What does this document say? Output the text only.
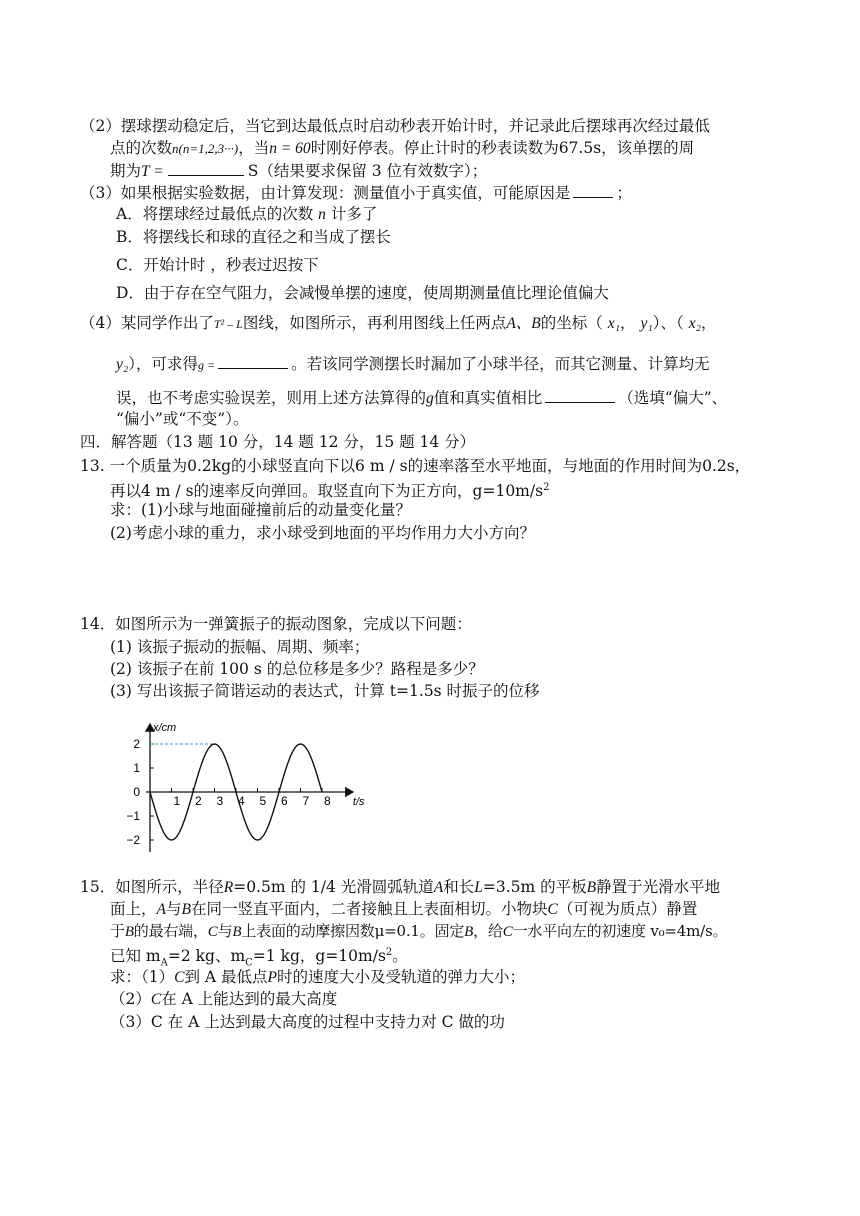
（2）摆球摆动稳定后，当它到达最低点时启动秒表开始计时，并记录此后摆球再次经过最低
点的次数n(n=1,2,3···)，当n = 60时刚好停表。停止计时的秒表读数为67.5s，该单摆的周
期为T =	S（结果要求保留 3 位有效数字）；
（3）如果根据实验数据，由计算发现：测量值小于真实值，可能原因是	；
A．将摆球经过最低点的次数 n 计多了
B．将摆线长和球的直径之和当成了摆长
C．开始计时 ，秒表过迟按下
D．由于存在空气阻力，会减慢单摆的速度，使周期测量值比理论值偏大
（4）某同学作出了T² – L图线，如图所示，再利用图线上任两点A、B的坐标（ x₁， y₁）、（ x₂，
y₂），可求得g =	。若该同学测摆长时漏加了小球半径，而其它测量、计算均无
误，也不考虑实验误差，则用上述方法算得的g值和真实值相比	（选填“偏大”、
“偏小”或“不变”）。
四．解答题（13 题 10 分，14 题 12 分，15 题 14 分）
13. 一个质量为0.2kg的小球竖直向下以6 m / s的速率落至水平地面，与地面的作用时间为0.2s，
再以4 m / s的速率反向弹回。取竖直向下为正方向，$g=10m/s^2$
求：(1)小球与地面碰撞前后的动量变化量？
(2)考虑小球的重力，求小球受到地面的平均作用力大小方向？
14．如图所示为一弹簧振子的振动图象，完成以下问题：
(1) 该振子振动的振幅、周期、频率；
(2) 该振子在前 100 s 的总位移是多少？路程是多少？
(3) 写出该振子简谐运动的表达式，计算 t=1.5s 时振子的位移
x/cm
t/s
2
1
0
−1
−2
1 2 3 4 5 6 7 8
15．如图所示，半径R=0.5m 的 1/4 光滑圆弧轨道A和长L=3.5m 的平板B静置于光滑水平地
面上，A与B在同一竖直平面内，二者接触且上表面相切。小物块C（可视为质点）静置
于B的最右端，C与B上表面的动摩擦因数μ=0.1。固定B，给C一水平向左的初速度 v₀=4m/s。
已知 $m_A=2$ kg、$m_C=1$ kg，$g=10m/s^2$。
求：（1）C到 A 最低点P时的速度大小及受轨道的弹力大小；
（2）C在 A 上能达到的最大高度
（3）C 在 A 上达到最大高度的过程中支持力对 C 做的功
